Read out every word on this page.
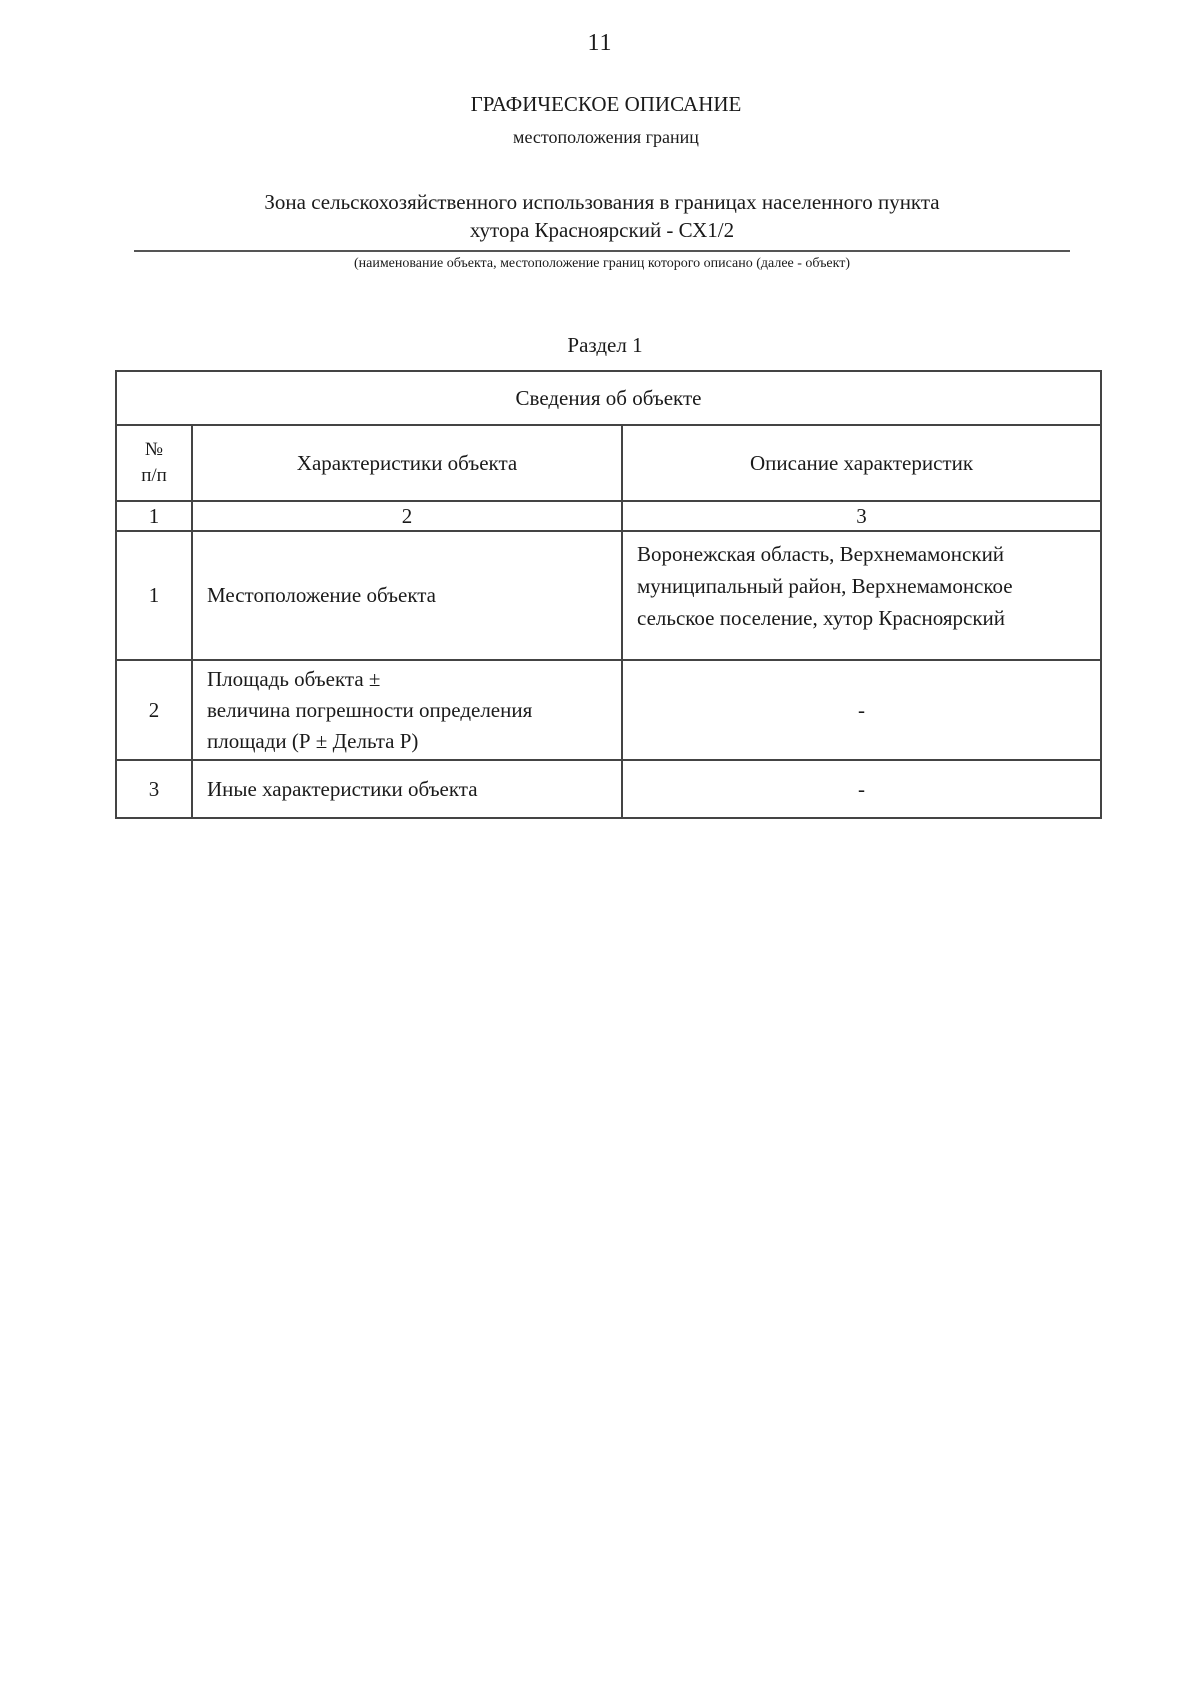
11
ГРАФИЧЕСКОЕ ОПИСАНИЕ
местоположения границ
Зона сельскохозяйственного использования в границах населенного пункта
хутора Красноярский - СХ1/2
(наименование объекта, местоположение границ которого описано (далее - объект)
Раздел 1
Сведения об объекте		

№
п/п	Характеристики объекта	Описание характеристик
1	2	3
1	Местоположение объекта	Воронежская область, Верхнемамонский
муниципальный район, Верхнемамонское
сельское поселение, хутор Красноярский

2	Площадь объекта ±
величина погрешности определения
площади (Р ± Дельта Р)	-
3	Иные характеристики объекта	-
